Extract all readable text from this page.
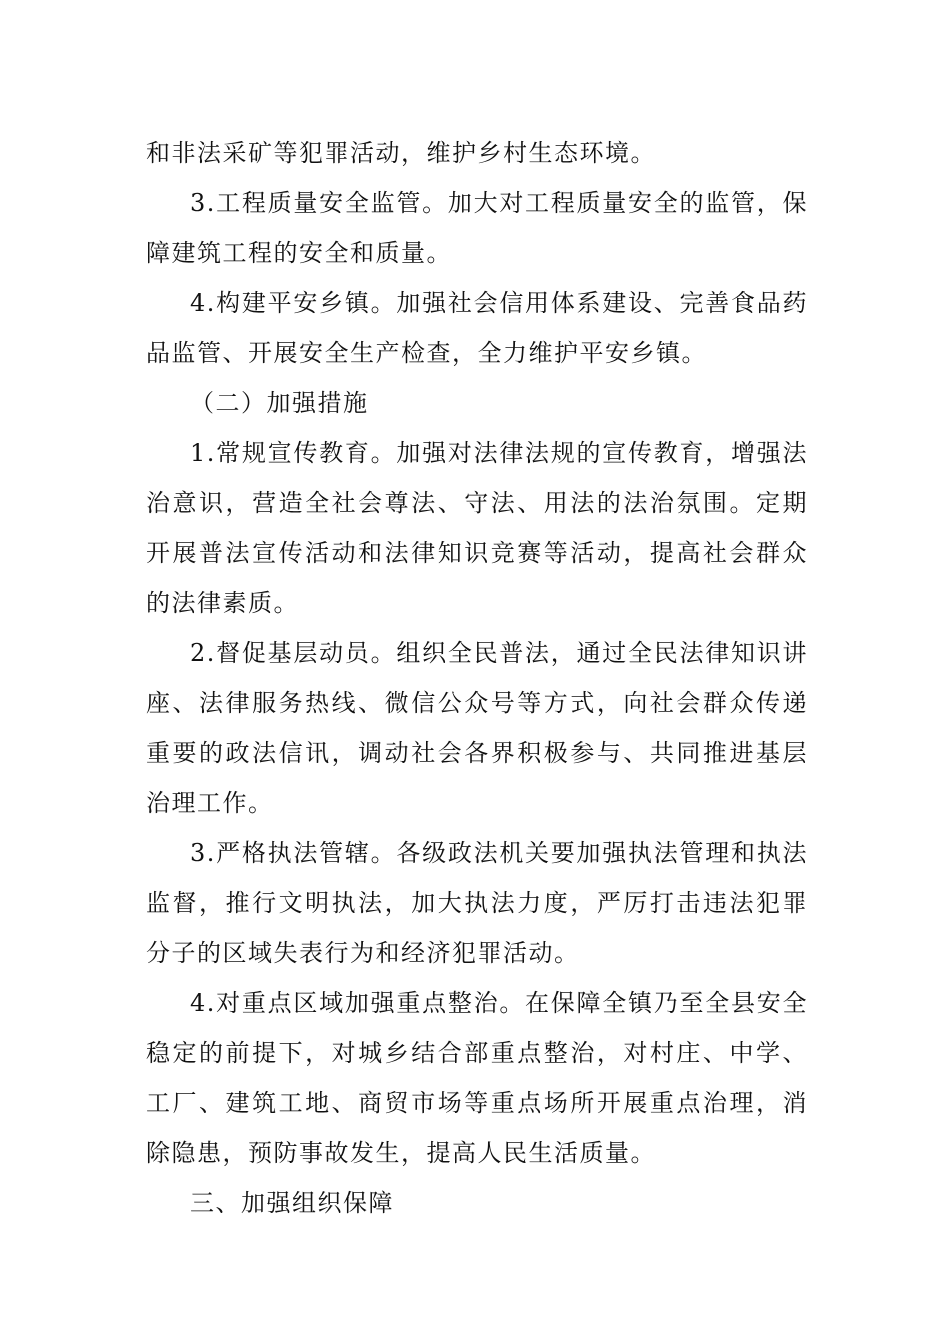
和非法采矿等犯罪活动，维护乡村生态环境。

3.工程质量安全监管。加大对工程质量安全的监管，保障建筑工程的安全和质量。

4.构建平安乡镇。加强社会信用体系建设、完善食品药品监管、开展安全生产检查，全力维护平安乡镇。

（二）加强措施

1.常规宣传教育。加强对法律法规的宣传教育，增强法治意识，营造全社会尊法、守法、用法的法治氛围。定期开展普法宣传活动和法律知识竞赛等活动，提高社会群众的法律素质。

2.督促基层动员。组织全民普法，通过全民法律知识讲座、法律服务热线、微信公众号等方式，向社会群众传递重要的政法信讯，调动社会各界积极参与、共同推进基层治理工作。

3.严格执法管辖。各级政法机关要加强执法管理和执法监督，推行文明执法，加大执法力度，严厉打击违法犯罪分子的区域失表行为和经济犯罪活动。

4.对重点区域加强重点整治。在保障全镇乃至全县安全稳定的前提下，对城乡结合部重点整治，对村庄、中学、工厂、建筑工地、商贸市场等重点场所开展重点治理，消除隐患，预防事故发生，提高人民生活质量。

三、加强组织保障
